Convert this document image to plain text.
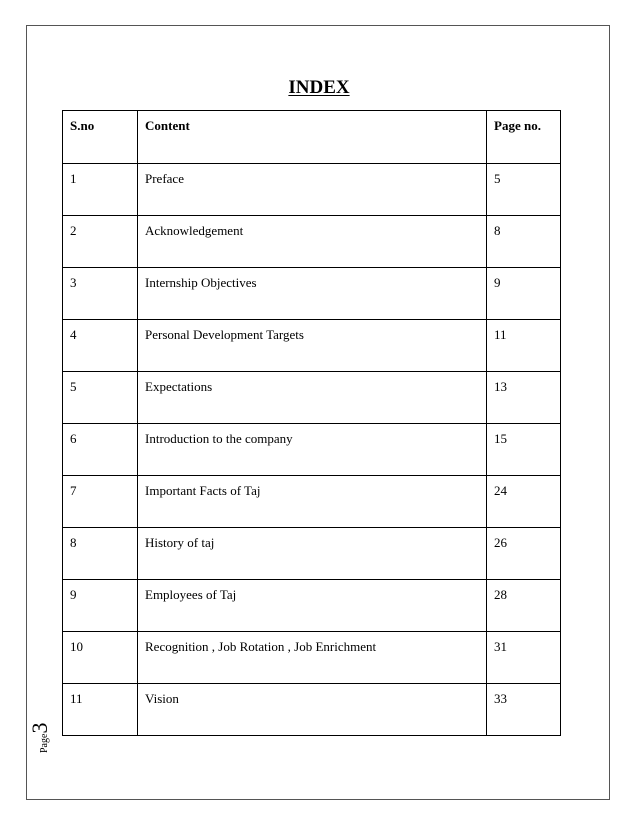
INDEX
S.no	Content	Page no.
1	Preface	5
2	Acknowledgement	8
3	Internship Objectives	9
4	Personal Development Targets	11
5	Expectations	13
6	Introduction to the company	15
7	Important Facts of Taj	24
8	History of taj	26
9	Employees of Taj	28
10	Recognition , Job Rotation , Job Enrichment	31
11	Vision	33
Page3
